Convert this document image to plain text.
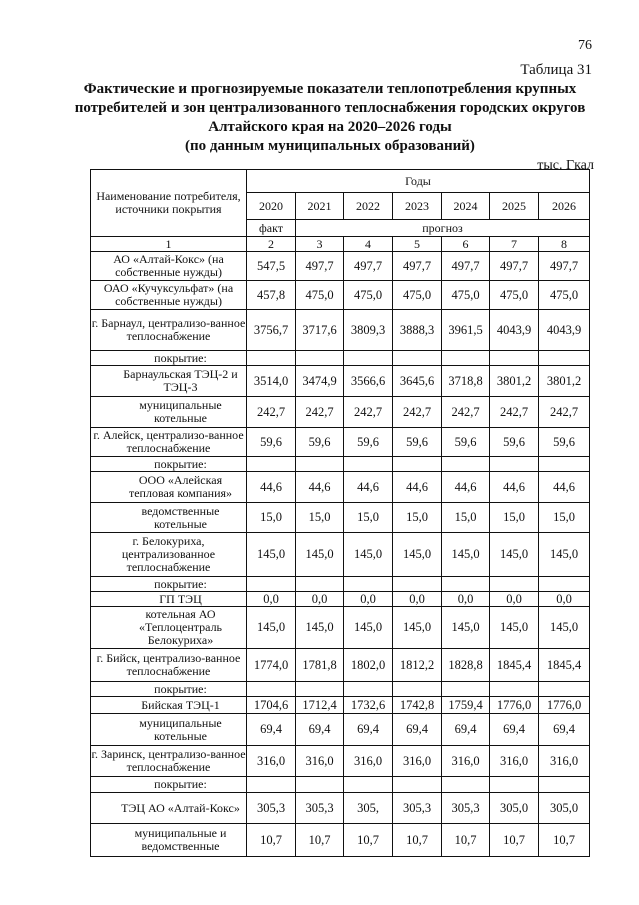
76
Таблица 31
Фактические и прогнозируемые показатели теплопотребления крупных
потребителей и зон централизованного теплоснабжения городских округов
Алтайского края на 2020–2026 годы
(по данным муниципальных образований)
тыс. Гкал
Наименование потребителя, источники покрытия	Годы						
	2020	2021	2022	2023	2024	2025	2026
	факт	прогноз					
1	2	3	4	5	6	7	8
АО «Алтай-Кокс» (на собственные нужды)	547,5	497,7	497,7	497,7	497,7	497,7	497,7
ОАО «Кучуксульфат» (на собственные нужды)	457,8	475,0	475,0	475,0	475,0	475,0	475,0
г. Барнаул, централизо-ванное теплоснабжение	3756,7	3717,6	3809,3	3888,3	3961,5	4043,9	4043,9
покрытие:							
Барнаульская ТЭЦ-2 и ТЭЦ-3	3514,0	3474,9	3566,6	3645,6	3718,8	3801,2	3801,2
муниципальные котельные	242,7	242,7	242,7	242,7	242,7	242,7	242,7
г. Алейск, централизо-ванное теплоснабжение	59,6	59,6	59,6	59,6	59,6	59,6	59,6
покрытие:							
ООО «Алейская тепловая компания»	44,6	44,6	44,6	44,6	44,6	44,6	44,6
ведомственные котельные	15,0	15,0	15,0	15,0	15,0	15,0	15,0
г. Белокуриха, централизованное теплоснабжение	145,0	145,0	145,0	145,0	145,0	145,0	145,0
покрытие:							
ГП ТЭЦ	0,0	0,0	0,0	0,0	0,0	0,0	0,0
котельная АО «Теплоцентраль Белокуриха»	145,0	145,0	145,0	145,0	145,0	145,0	145,0
г. Бийск, централизо-ванное теплоснабжение	1774,0	1781,8	1802,0	1812,2	1828,8	1845,4	1845,4
покрытие:							
Бийская ТЭЦ-1	1704,6	1712,4	1732,6	1742,8	1759,4	1776,0	1776,0
муниципальные котельные	69,4	69,4	69,4	69,4	69,4	69,4	69,4
г. Заринск, централизо-ванное теплоснабжение	316,0	316,0	316,0	316,0	316,0	316,0	316,0
покрытие:							
ТЭЦ АО «Алтай-Кокс»	305,3	305,3	305,	305,3	305,3	305,0	305,0
муниципальные и ведомственные	10,7	10,7	10,7	10,7	10,7	10,7	10,7
